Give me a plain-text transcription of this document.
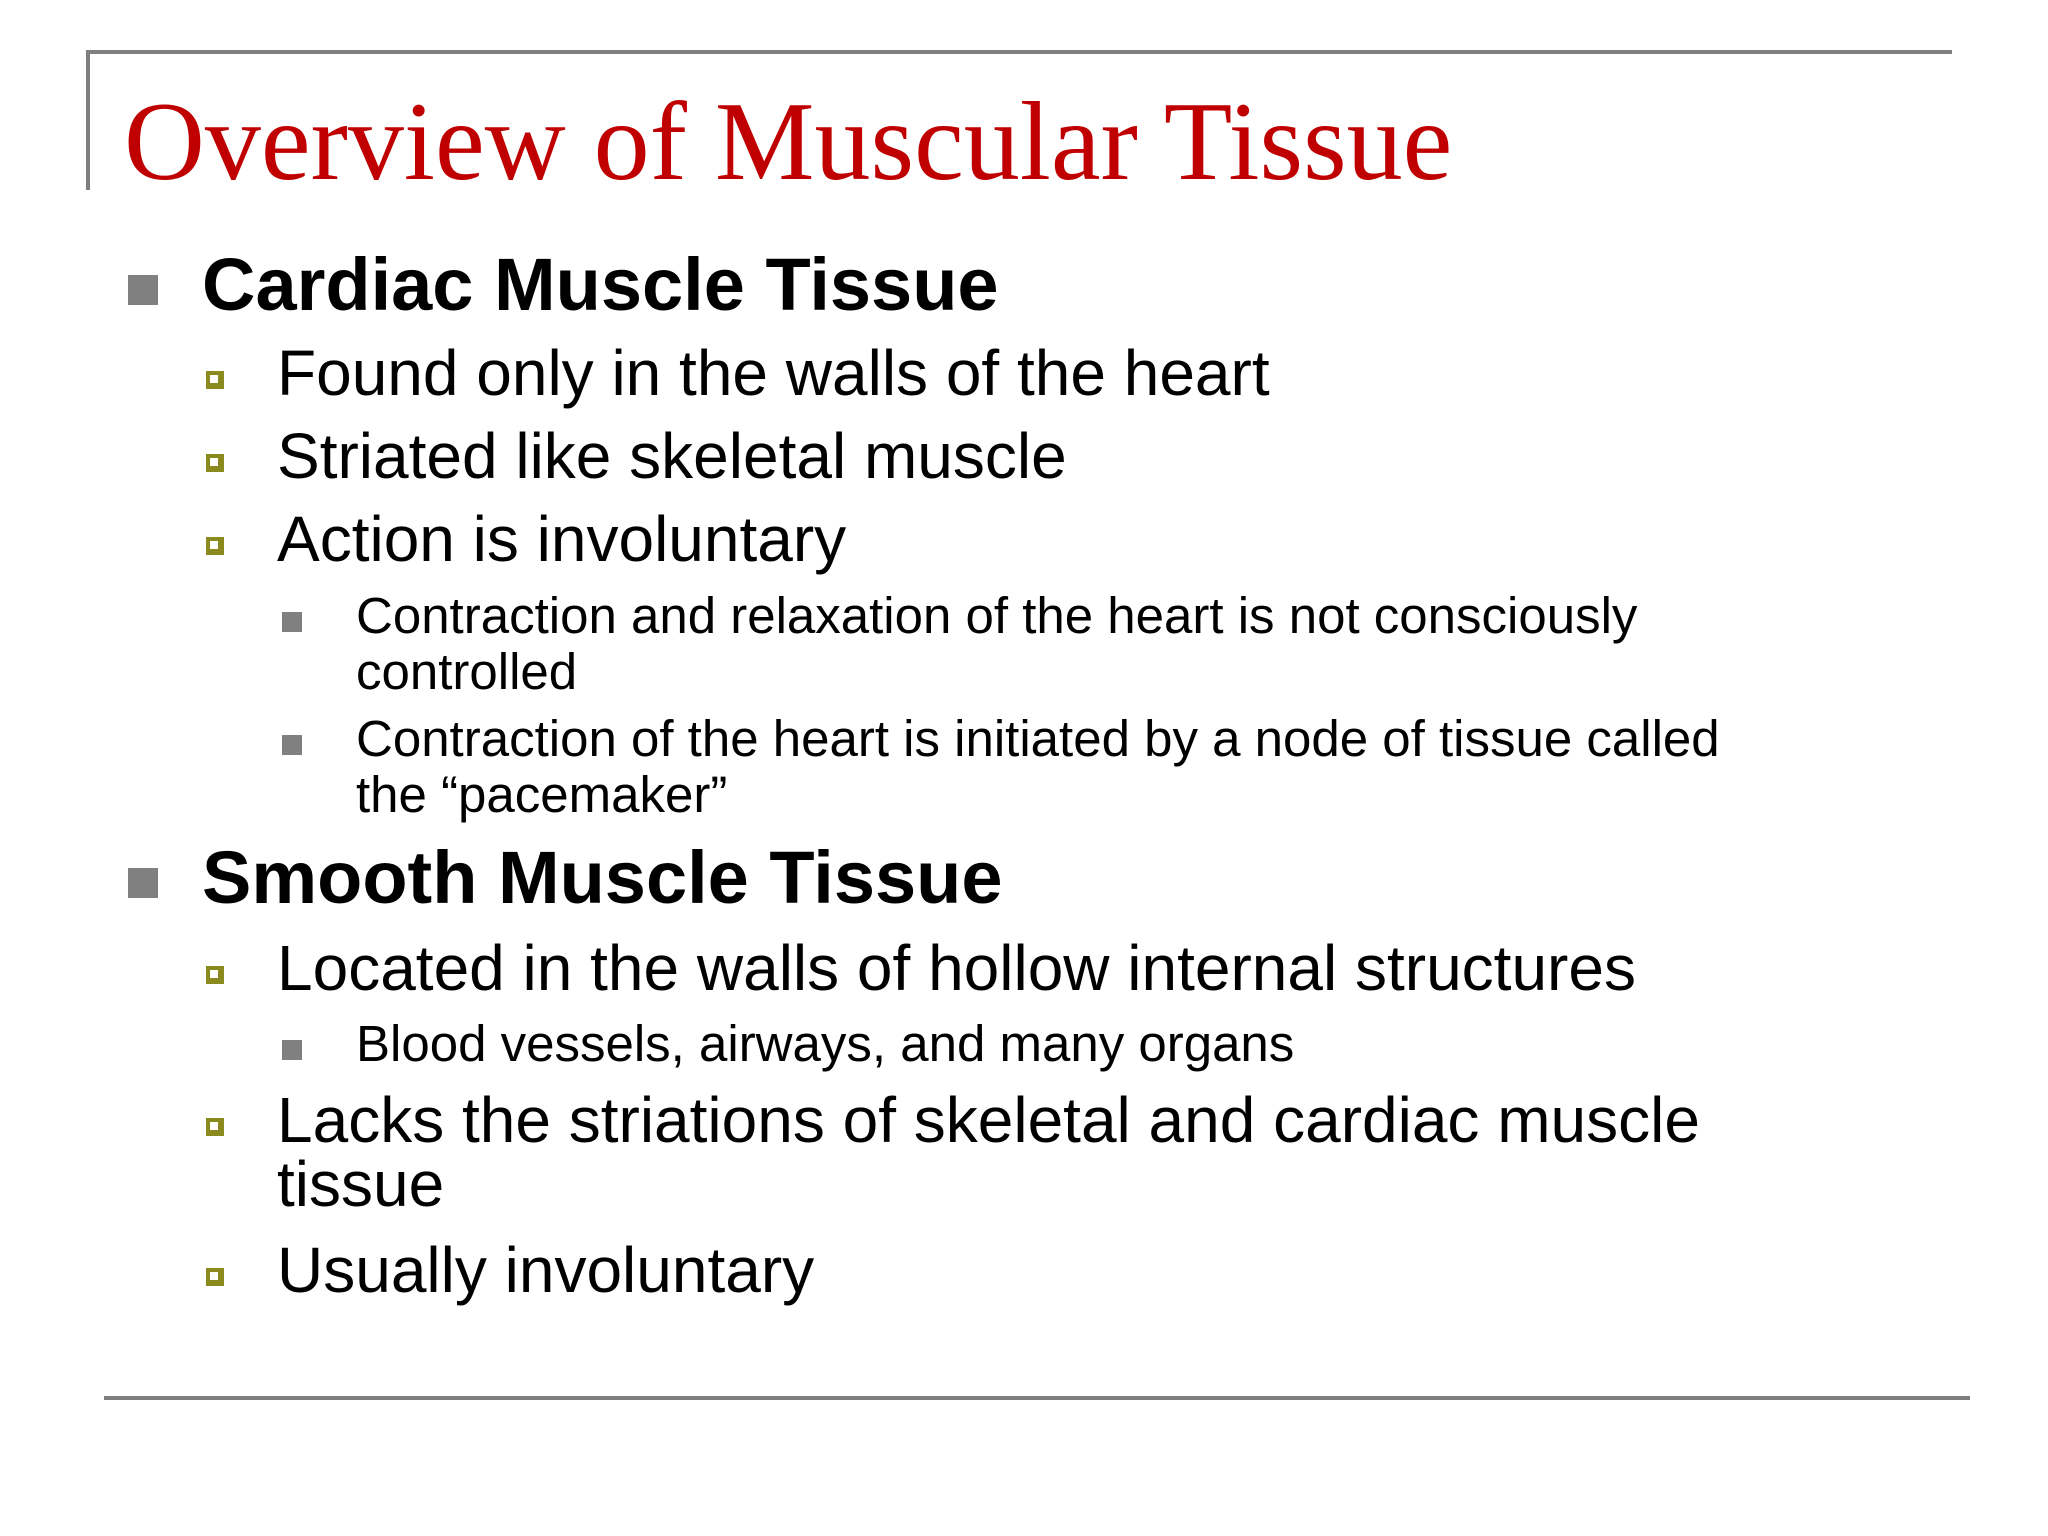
Overview of Muscular Tissue
Cardiac Muscle Tissue
Found only in the walls of the heart
Striated like skeletal muscle
Action is involuntary
Contraction and relaxation of the heart is not consciously
controlled
Contraction of the heart is initiated by a node of tissue called
the “pacemaker”
Smooth Muscle Tissue
Located in the walls of hollow internal structures
Blood vessels, airways, and many organs
Lacks the striations of skeletal and cardiac muscle
tissue
Usually involuntary
